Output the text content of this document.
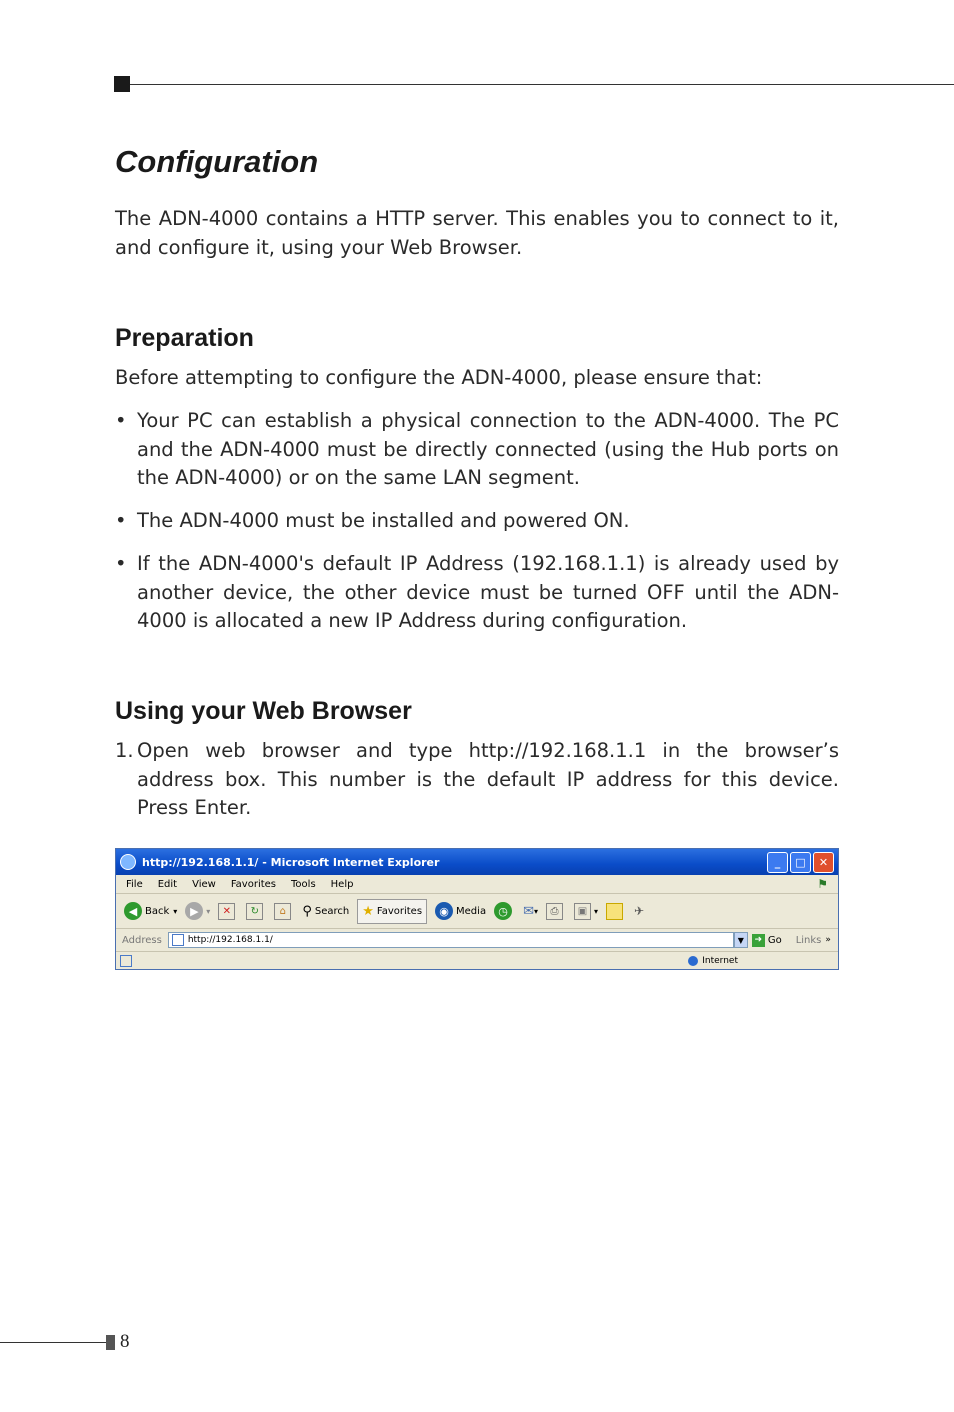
Configuration

The ADN-4000 contains a HTTP server. This enables you to connect to it, and configure it, using your Web Browser.

Preparation

Before attempting to configure the ADN-4000, please ensure that:

• Your PC can establish a physical connection to the ADN-4000. The PC and the ADN-4000 must be directly connected (using the Hub ports on the ADN-4000) or on the same LAN segment.
• The ADN-4000 must be installed and powered ON.
• If the ADN-4000's default IP Address (192.168.1.1) is already used by another device, the other device must be turned OFF until the ADN-4000 is allocated a new IP Address during configuration.
Using your Web Browser
1. Open web browser and type http://192.168.1.1 in the browser’s address box. This number is the default IP address for this device. Press Enter.
http://192.168.1.1/ - Microsoft Internet Explorer	_	□	✕
File Edit View Favorites Tools Help	⚑
◀ Back ▾	▶ ▾	✕	↻	⌂	⚲ Search ★ Favorites	◉ Media	◷	✉ ▾	⎙	▣ ▾	✈
Address	http://192.168.1.1/	▼	➜ Go Links »
Internet
8
